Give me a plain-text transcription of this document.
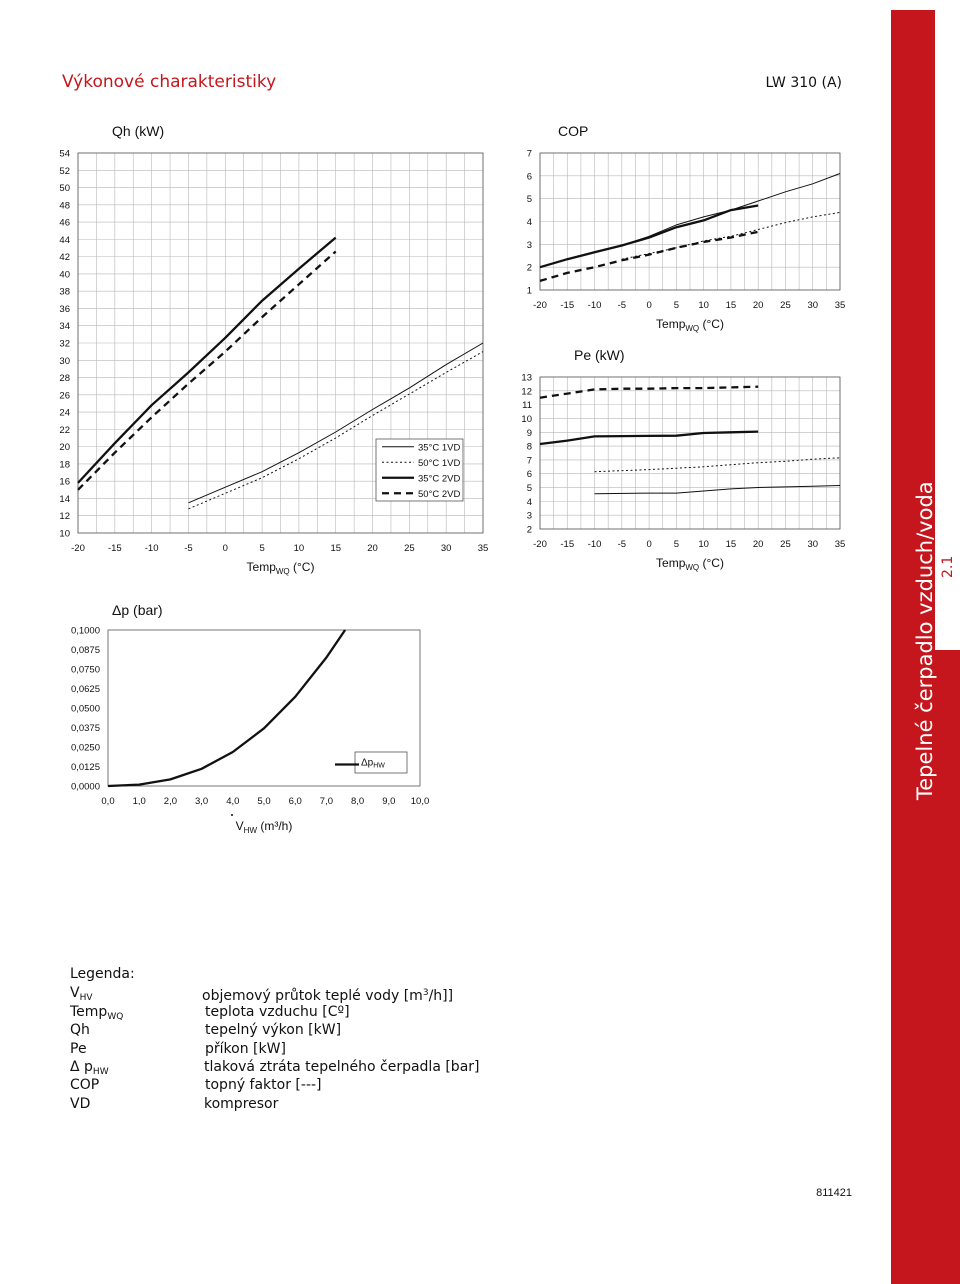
Výkonové charakteristiky	LW 310 (A)
Qh (kW)
10
12
14
16
18
20
22
24
26
28
30
32
34
36
38
40
42
44
46
48
50
52
54
-20 -15 -10	-5	0	5	10	15	20	25	30	35
Temp$_{WQ}$ (°C)
35°C 1VD
50°C 1VD
35°C 2VD
50°C 2VD
COP
1
2
3
4
5
6
7
-20 -15 -10 -5 0 5 10 15 20 25 30 35
Temp$_{WQ}$ (°C)
Pe (kW)
2
3
4
5
6
7
8
9
10
11
12
13
-20 -15 -10 -5 0 5 10 15 20 25 30 35
Temp$_{WQ}$ (°C)
Δp (bar)
0,0000
0,0125
0,0250
0,0375
0,0500
0,0625
0,0750
0,0875
0,1000
0,0 1,0 2,0 3,0 4,0 5,0 6,0 7,0 8,0 9,0 10,0
$V_{HW}$ (m³/h)
$\Delta p_{HW}$
Legenda:
$V_{HV}$	objemový průtok teplé vody $[m^3/h]$]
Temp$_{WQ}$	teplota vzduchu [Cº]
Qh	tepelný výkon [kW]
Pe	příkon [kW]
Δ $p_{HW}$	tlaková ztráta tepelného čerpadla [bar]
COP	topný faktor [---]
VD	kompresor
811421
Tepelné čerpadlo vzduch/voda 2.1
Technické změny jsou vyhrazeny · © Alpha-InnoTec
